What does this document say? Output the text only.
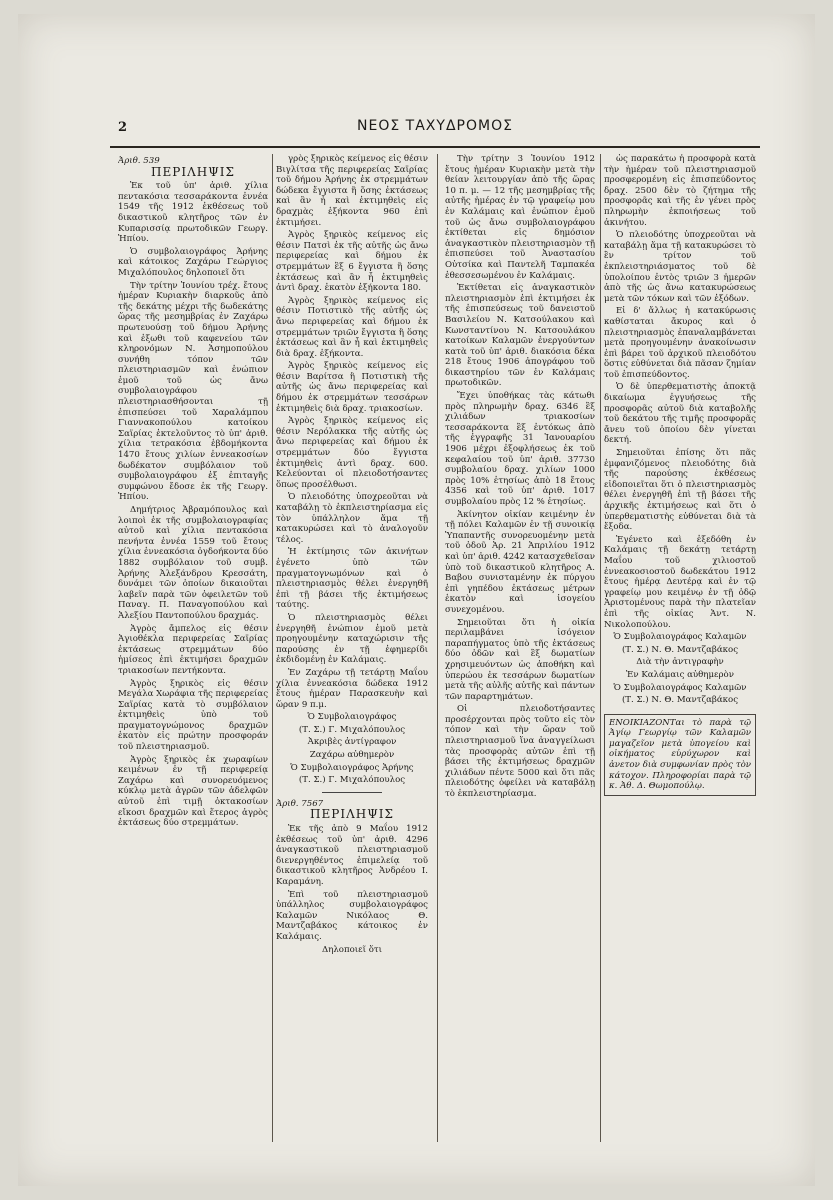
2	ΝΕΟΣ ΤΑΧΥΔΡΟΜΟΣ
Ἀριθ. 539
ΠΕΡΙΛΗΨΙΣ

Ἐκ τοῦ ὑπ' ἀριθ. χίλια πεντακόσια τεσσαράκοντα ἐννέα 1549 τῆς 1912 ἐκθέσεως τοῦ δικαστικοῦ κλητῆρος τῶν ἐν Κυπαρισσίᾳ πρωτοδικῶν Γεωργ. Ἠπίου.

Ὁ συμβολαιογράφος Ἀρήνης καὶ κάτοικος Ζαχάρω Γεώργιος Μιχαλόπουλος δηλοποιεῖ ὅτι

Τὴν τρίτην Ἰουνίου τρέχ. ἔτους ἡμέραν Κυριακὴν διαρκοῦς ἀπὸ τῆς δεκάτης μέχρι τῆς δωδεκάτης ὥρας τῆς μεσημβρίας ἐν Ζαχάρω πρωτευούσῃ τοῦ δήμου Ἀρήνης καὶ ἐξωθι τοῦ καφενείου τῶν κληρονόμων Ν. Ἀσημοπούλου συνήθη τόπον τῶν πλειστηριασμῶν καὶ ἐνώπιον ἐμοῦ τοῦ ὡς ἄνω συμβολαιογράφου πλειστηριασθήσονται τῇ ἐπισπεύσει τοῦ Χαραλάμπου Γιαννακοπούλου κατοίκου Σαϊρίας ἐκτελοῦντος τὸ ὑπ' ἀριθ. χίλια τετρακόσια ἑβδομήκοντα 1470 ἔτους χιλίων ἐννεακοσίων δωδέκατον συμβόλαιον τοῦ συμβολαιογράφου ἐξ ἐπιταγῆς συμφώνου ἔδοσε ἐκ τῆς Γεωργ. Ἠπίου.

Δημήτριος Ἀβραμόπουλος καὶ λοιποὶ ἐκ τῆς συμβολαιογραφίας αὐτοῦ καὶ χίλια πεντακόσια πενήντα ἐννέα 1559 τοῦ ἔτους χίλια ἐννεακόσια ὀγδοήκοντα δύο 1882 συμβόλαιον τοῦ συμβ. Ἀρήνης Ἀλεξάνδρου Κρεσσάτη, δυνάμει τῶν ὁποίων δικαιοῦται λαβεῖν παρὰ τῶν ὀφειλετῶν τοῦ Παναγ. Π. Παναγοπούλου καὶ Ἀλεξίου Παντοπούλου δραχμάς.

Ἀγρὸς ἄμπελος εἰς θέσιν Ἀγιοθέκλα περιφερείας Σαϊρίας ἐκτάσεως στρεμμάτων δύο ἡμίσεος ἐπὶ ἐκτιμήσει δραχμῶν τριακοσίων πεντήκοντα.

Ἀγρὸς ξηρικὸς εἰς θέσιν Μεγάλα Χωράφια τῆς περιφερείας Σαϊρίας κατὰ τὸ συμβόλαιον ἐκτιμηθεὶς ὑπὸ τοῦ πραγματογνώμονος δραχμῶν ἑκατὸν εἰς πρώτην προσφοράν τοῦ πλειστηριασμοῦ.

Ἀγρὸς ξηρικὸς ἐκ χωραφίων κειμένων ἐν τῇ περιφερείᾳ Ζαχάρω καὶ συνορευόμενος κύκλῳ μετὰ ἀγρῶν τῶν ἀδελφῶν αὐτοῦ ἐπὶ τιμῇ ὀκτακοσίων εἴκοσι δραχμῶν καὶ ἕτερος ἀγρὸς ἐκτάσεως δύο στρεμμάτων.

γρὸς ξηρικὸς κείμενος εἰς θέσιν Βιγλίτσα τῆς περιφερείας Σαϊρίας τοῦ δήμου Ἀρήνης ἐκ στρεμμάτων δώδεκα ἔγγιστα ἢ ὅσης ἐκτάσεως καὶ ἂν ἦ καὶ ἐκτιμηθεὶς εἰς δραχμὰς ἑξήκοντα 960 ἐπὶ ἐκτιμήσει.

Ἀγρὸς ξηρικὸς κείμενος εἰς θέσιν Πατσὶ ἐκ τῆς αὐτῆς ὡς ἄνω περιφερείας καὶ δήμου ἐκ στρεμμάτων ἓξ 6 ἔγγιστα ἢ ὅσης ἐκτάσεως καὶ ἂν ἦ ἐκτιμηθεὶς ἀντὶ δραχ. ἑκατὸν ἑξήκοντα 180.

Ἀγρὸς ξηρικὸς κείμενος εἰς θέσιν Ποτιστικὸ τῆς αὐτῆς ὡς ἄνω περιφερείας καὶ δήμου ἐκ στρεμμάτων τριῶν ἔγγιστα ἢ ὅσης ἐκτάσεως καὶ ἂν ἦ καὶ ἐκτιμηθεὶς διὰ δραχ. ἐξήκοντα.

Ἀγρὸς ξηρικὸς κείμενος εἰς θέσιν Βαρίτσα ἢ Ποτιστικὴ τῆς αὐτῆς ὡς ἄνω περιφερείας καὶ δήμου ἐκ στρεμμάτων τεσσάρων ἐκτιμηθεὶς διὰ δραχ. τριακοσίων.

Ἀγρὸς ξηρικὸς κείμενος εἰς θέσιν Νερόλακκα τῆς αὐτῆς ὡς ἄνω περιφερείας καὶ δήμου ἐκ στρεμμάτων δύο ἔγγιστα ἐκτιμηθεὶς ἀντὶ δραχ. 600. Κελεύονται οἱ πλειοδοτήσαντες ὅπως προσέλθωσι.

Ὁ πλειοδότης ὑποχρεοῦται νὰ καταβάλῃ τὸ ἐκπλειστηρίασμα εἰς τὸν ὑπάλληλον ἅμα τῇ κατακυρώσει καὶ τὸ ἀναλογοῦν τέλος.

Ἡ ἐκτίμησις τῶν ἀκινήτων ἐγένετο ὑπὸ τῶν πραγματογνωμόνων καὶ ὁ πλειστηριασμὸς θέλει ἐνεργηθῆ ἐπὶ τῇ βάσει τῆς ἐκτιμήσεως ταύτης.

Ὁ πλειστηριασμὸς θέλει ἐνεργηθῆ ἐνώπιον ἐμοῦ μετὰ προηγουμένην καταχώρισιν τῆς παρούσης ἐν τῇ ἐφημερίδι ἐκδιδομένῃ ἐν Καλάμαις.

Ἐν Ζαχάρω τῇ τετάρτῃ Μαΐου χίλια ἐννεακόσια δώδεκα 1912 ἔτους ἡμέραν Παρασκευὴν καὶ ὥραν 9 π.μ.

Ὁ Συμβολαιογράφος

(Τ. Σ.) Γ. Μιχαλόπουλος

Ἀκριβὲς ἀντίγραφον

Ζαχάρω αὐθημερὸν

Ὁ Συμβολαιογράφος Ἀρήνης

(Τ. Σ.) Γ. Μιχαλόπουλος

Ἀριθ. 7567
ΠΕΡΙΛΗΨΙΣ

Ἐκ τῆς ἀπὸ 9 Μαΐου 1912 ἐκθέσεως τοῦ ὑπ' ἀριθ. 4296 ἀναγκαστικοῦ πλειστηριασμοῦ διενεργηθέντος ἐπιμελείᾳ τοῦ δικαστικοῦ κλητῆρος Ἀνδρέου Ι. Καραμάνη.

Ἐπὶ τοῦ πλειστηριασμοῦ ὑπάλληλος συμβολαιογράφος Καλαμῶν Νικόλαος Θ. Μαντζαβάκος κάτοικος ἐν Καλάμαις.

Δηλοποιεῖ ὅτι

Τὴν τρίτην 3 Ἰουνίου 1912 ἔτους ἡμέραν Κυριακὴν μετὰ τὴν θείαν λειτουργίαν ἀπὸ τῆς ὥρας 10 π. μ. — 12 τῆς μεσημβρίας τῆς αὐτῆς ἡμέρας ἐν τῷ γραφείῳ μου ἐν Καλάμαις καὶ ἐνώπιον ἐμοῦ τοῦ ὡς ἄνω συμβολαιογράφου ἐκτίθεται εἰς δημόσιον ἀναγκαστικὸν πλειστηριασμὸν τῇ ἐπισπεύσει τοῦ Ἀναστασίου Οὐτσίκα καὶ Παντελῆ Ταμπακέα ἐθεσσεσωμένου ἐν Καλάμαις.

Ἐκτίθεται εἰς ἀναγκαστικὸν πλειστηριασμὸν ἐπὶ ἐκτιμήσει ἐκ τῆς ἐπισπεύσεως τοῦ δανειστοῦ Βασιλείου Ν. Κατσούλακου καὶ Κωνσταντίνου Ν. Κατσουλάκου κατοίκων Καλαμῶν ἐνεργούντων κατὰ τοῦ ὑπ' ἀριθ. διακόσια δέκα 218 ἔτους 1906 ἀπογράφου τοῦ δικαστηρίου τῶν ἐν Καλάμαις πρωτοδικῶν.

Ἔχει ὑποθήκας τὰς κάτωθι πρὸς πληρωμὴν δραχ. 6346 ἓξ χιλιάδων τριακοσίων τεσσαράκοντα ἓξ ἐντόκως ἀπὸ τῆς ἐγγραφῆς 31 Ἰανουαρίου 1906 μέχρι ἐξοφλήσεως ἐκ τοῦ κεφαλαίου τοῦ ὑπ' ἀριθ. 37730 συμβολαίου δραχ. χιλίων 1000 πρὸς 10% ἐτησίως ἀπὸ 18 ἔτους 4356 καὶ τοῦ ὑπ' ἀριθ. 1017 συμβολαίου πρὸς 12 % ἐτησίως.

Ἀκίνητον οἰκίαν κειμένην ἐν τῇ πόλει Καλαμῶν ἐν τῇ συνοικίᾳ Ὑπαπαντῆς συνορευομένην μετὰ τοῦ ὁδοῦ Ἀρ. 21 Ἀπριλίου 1912 καὶ ὑπ' ἀριθ. 4242 κατασχεθεῖσαν ὑπὸ τοῦ δικαστικοῦ κλητῆρος Α. Βαβου συνισταμένην ἐκ πύργου ἐπὶ γηπέδου ἐκτάσεως μέτρων ἑκατὸν καὶ ἰσογείου συνεχομένου.

Σημειοῦται ὅτι ἡ οἰκία περιλαμβάνει ἰσόγειον παραπήγματος ὑπὸ τῆς ἐκτάσεως δύο ὁδῶν καὶ ἓξ δωματίων χρησιμευόντων ὡς ἀποθήκη καὶ ὑπερώου ἐκ τεσσάρων δωματίων μετὰ τῆς αὐλῆς αὐτῆς καὶ πάντων τῶν παραρτημάτων.

Οἱ πλειοδοτήσαντες προσέρχονται πρὸς τοῦτο εἰς τὸν τόπον καὶ τὴν ὥραν τοῦ πλειστηριασμοῦ ἵνα ἀναγγείλωσι τὰς προσφορὰς αὐτῶν ἐπὶ τῇ βάσει τῆς ἐκτιμήσεως δραχμῶν χιλιάδων πέντε 5000 καὶ ὅτι πᾶς πλειοδότης ὀφείλει νὰ καταβάλῃ τὸ ἐκπλειστηρίασμα.

ὡς παρακάτω ἡ προσφορὰ κατὰ τὴν ἡμέραν τοῦ πλειστηριασμοῦ προσφερομένη εἰς ἐπισπεύδοντος δραχ. 2500 δὲν τὸ ζήτημα τῆς προσφορᾶς καὶ τῆς ἐν γένει πρὸς πληρωμὴν ἐκποιήσεως τοῦ ἀκινήτου.

Ὁ πλειοδότης ὑποχρεοῦται νὰ καταβάλῃ ἅμα τῇ κατακυρώσει τὸ ἓν τρίτον τοῦ ἐκπλειστηριάσματος τοῦ δὲ ὑπολοίπου ἐντὸς τριῶν 3 ἡμερῶν ἀπὸ τῆς ὡς ἄνω κατακυρώσεως μετὰ τῶν τόκων καὶ τῶν ἐξόδων.

Εἰ δ' ἄλλως ἡ κατακύρωσις καθίσταται ἄκυρος καὶ ὁ πλειστηριασμὸς ἐπαναλαμβάνεται μετὰ προηγουμένην ἀνακοίνωσιν ἐπὶ βάρει τοῦ ἀρχικοῦ πλειοδότου ὅστις εὐθύνεται διὰ πᾶσαν ζημίαν τοῦ ἐπισπεύδοντος.

Ὁ δὲ ὑπερθεματιστὴς ἀποκτᾷ δικαίωμα ἐγγυήσεως τῆς προσφορᾶς αὐτοῦ διὰ καταβολῆς τοῦ δεκάτου τῆς τιμῆς προσφορᾶς ἄνευ τοῦ ὁποίου δὲν γίνεται δεκτή.

Σημειοῦται ἐπίσης ὅτι πᾶς ἐμφανιζόμενος πλειοδότης διὰ τῆς παρούσης ἐκθέσεως εἰδοποιεῖται ὅτι ὁ πλειστηριασμὸς θέλει ἐνεργηθῆ ἐπὶ τῇ βάσει τῆς ἀρχικῆς ἐκτιμήσεως καὶ ὅτι ὁ ὑπερθεματιστὴς εὐθύνεται διὰ τὰ ἔξοδα.

Ἐγένετο καὶ ἐξεδόθη ἐν Καλάμαις τῇ δεκάτῃ τετάρτῃ Μαΐου τοῦ χιλιοστοῦ ἐννεακοσιοστοῦ δωδεκάτου 1912 ἔτους ἡμέρᾳ Δευτέρᾳ καὶ ἐν τῷ γραφείῳ μου κειμένῳ ἐν τῇ ὁδῷ Ἀριστομένους παρὰ τὴν πλατεῖαν ἐπὶ τῆς οἰκίας Ἀντ. Ν. Νικολοπούλου.

Ὁ Συμβολαιογράφος Καλαμῶν

(Τ. Σ.) Ν. Θ. Μαντζαβάκος

Διὰ τὴν ἀντιγραφὴν

Ἐν Καλάμαις αὐθημερὸν

Ὁ Συμβολαιογράφος Καλαμῶν

(Τ. Σ.) Ν. Θ. Μαντζαβάκος

ΕΝΟΙΚΙΑΖΟΝΤαι τὸ παρὰ τῷ Ἀγίῳ Γεωργίῳ τῶν Καλαμῶν μαγαζεῖον μετὰ ὑπογείου καὶ οἰκήματος εὑρύχωρον καὶ ἀνετον διὰ συμφωνίαν πρὸς τὸν κάτοχον. Πληροφορίαι παρὰ τῷ κ. Ἀθ. Δ. Θωμοπούλῳ.
